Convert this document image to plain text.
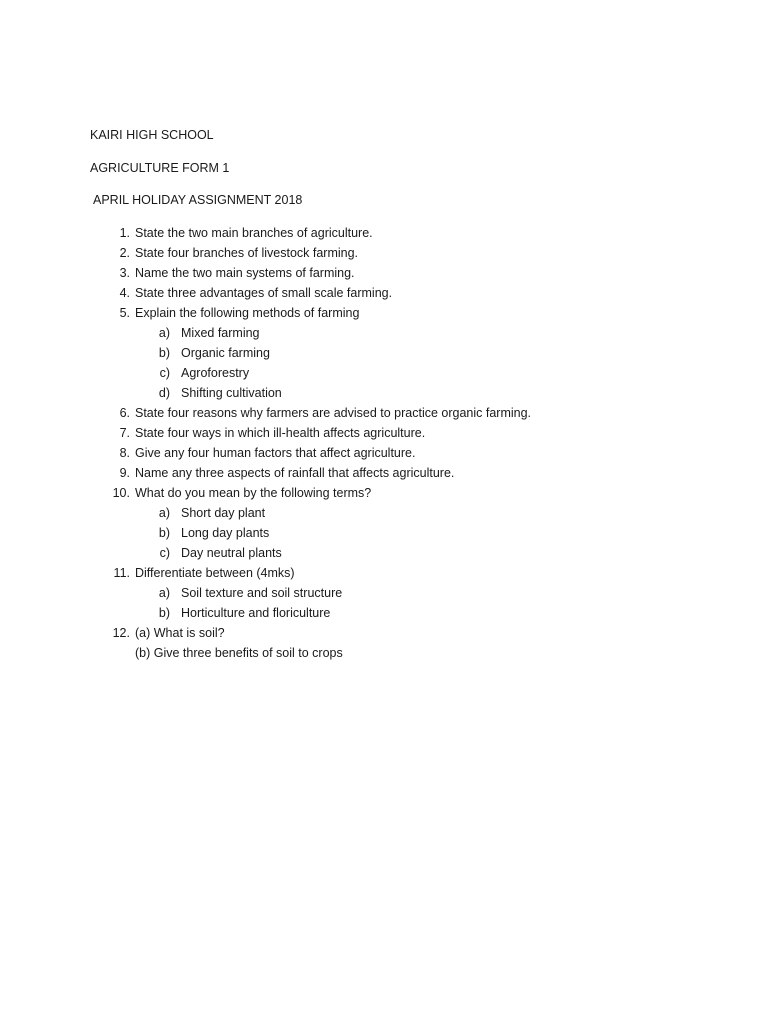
KAIRI HIGH SCHOOL
AGRICULTURE FORM 1
APRIL HOLIDAY ASSIGNMENT 2018
1. State the two main branches of agriculture.
2. State four branches of livestock farming.
3. Name the two main systems of farming.
4. State three advantages of small scale farming.
5. Explain the following methods of farming
a) Mixed farming
b) Organic farming
c) Agroforestry
d) Shifting cultivation
6. State four reasons why farmers are advised to practice organic farming.
7. State four ways in which ill-health affects agriculture.
8. Give any four human factors that affect agriculture.
9. Name any three aspects of rainfall that affects agriculture.
10. What do you mean by the following terms?
a) Short day plant
b) Long day plants
c) Day neutral plants
11. Differentiate between (4mks)
a) Soil texture and soil structure
b) Horticulture and floriculture
12. (a) What is soil?
(b) Give three benefits of soil to crops
